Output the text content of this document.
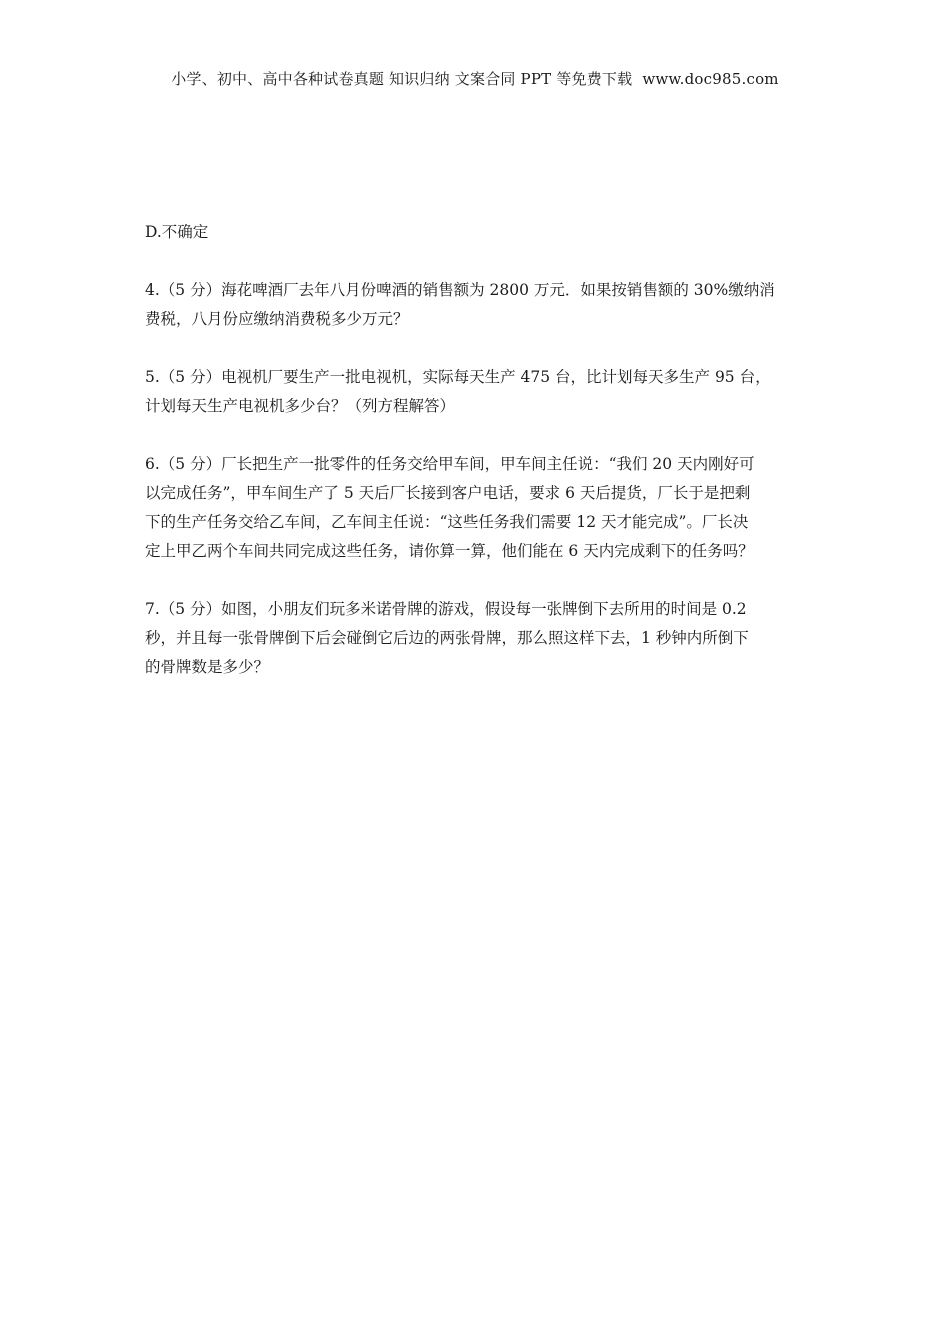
小学、初中、高中各种试卷真题 知识归纳 文案合同 PPT 等免费下载 www.doc985.com
D.不确定
4.（5 分）海花啤酒厂去年八月份啤酒的销售额为 2800 万元．如果按销售额的 30%缴纳消
费税，八月份应缴纳消费税多少万元？
5.（5 分）电视机厂要生产一批电视机，实际每天生产 475 台，比计划每天多生产 95 台，
计划每天生产电视机多少台？（列方程解答）
6.（5 分）厂长把生产一批零件的任务交给甲车间，甲车间主任说：“我们 20 天内刚好可
以完成任务”，甲车间生产了 5 天后厂长接到客户电话，要求 6 天后提货，厂长于是把剩
下的生产任务交给乙车间，乙车间主任说：“这些任务我们需要 12 天才能完成”。厂长决
定上甲乙两个车间共同完成这些任务，请你算一算，他们能在 6 天内完成剩下的任务吗？
7.（5 分）如图，小朋友们玩多米诺骨牌的游戏，假设每一张牌倒下去所用的时间是 0.2
秒，并且每一张骨牌倒下后会碰倒它后边的两张骨牌，那么照这样下去，1 秒钟内所倒下
的骨牌数是多少？
